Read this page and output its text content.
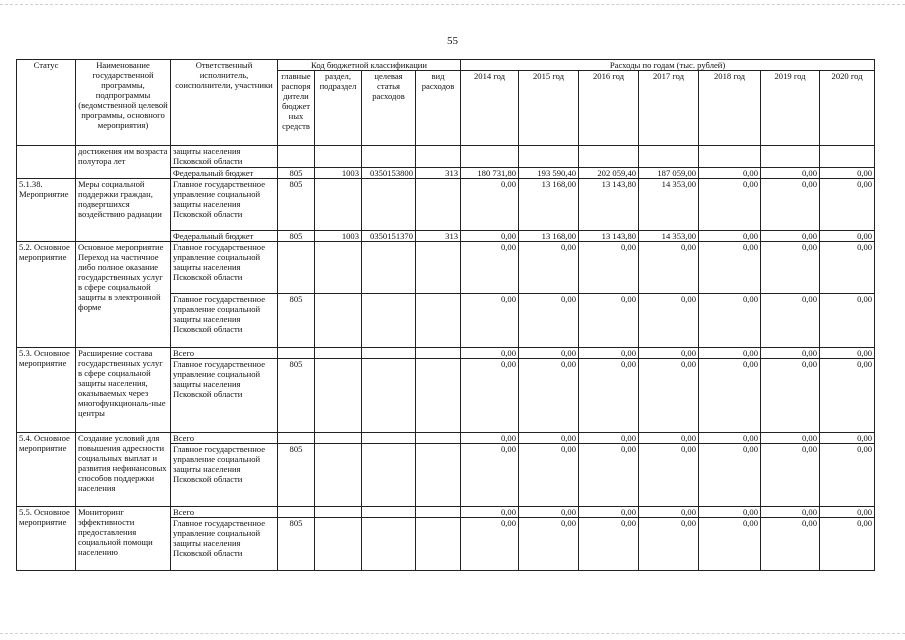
55
Статус	Наименование государственной программы, подпрограммы (ведомственной целевой программы, основного мероприятия)	Ответственный исполнитель, соисполнители, участники	Код бюджетной классификации				Расходы по годам (тыс. рублей)						
			главные распоря дители бюджет ных средств	раздел, подраздел	целевая статья расходов	вид расходов	2014 год	2015 год	2016 год	2017 год	2018 год	2019 год	2020 год
	достижения им возраста полутора лет	защиты населения Псковской области											
		Федеральный бюджет	805	1003	0350153800	313	180 731,80	193 590,40	202 059,40	187 059,00	0,00	0,00	0,00
5.1.38. Мероприятие	Меры социальной поддержки граждан, подвергшихся воздействию радиации	Главное государственное управление социальной защиты населения Псковской области	805				0,00	13 168,00	13 143,80	14 353,00	0,00	0,00	0,00
		Федеральный бюджет	805	1003	0350151370	313	0,00	13 168,00	13 143,80	14 353,00	0,00	0,00	0,00
5.2. Основное мероприятие	Основное мероприятие Переход на частичное либо полное оказание государственных услуг в сфере социальной защиты в электронной форме	Главное государственное управление социальной защиты населения Псковской области					0,00	0,00	0,00	0,00	0,00	0,00	0,00
		Главное государственное управление социальной защиты населения Псковской области	805				0,00	0,00	0,00	0,00	0,00	0,00	0,00
5.3. Основное мероприятие	Расширение состава государственных услуг в сфере социальной защиты населения, оказываемых через многофункциональ-ные центры	Всего					0,00	0,00	0,00	0,00	0,00	0,00	0,00
		Главное государственное управление социальной защиты населения Псковской области	805				0,00	0,00	0,00	0,00	0,00	0,00	0,00
5.4. Основное мероприятие	Создание условий для повышения адресности социальных выплат и развития нефинансовых способов поддержки населения	Всего					0,00	0,00	0,00	0,00	0,00	0,00	0,00
		Главное государственное управление социальной защиты населения Псковской области	805				0,00	0,00	0,00	0,00	0,00	0,00	0,00
5.5. Основное мероприятие	Мониторинг эффективности предоставления социальной помощи населению	Всего					0,00	0,00	0,00	0,00	0,00	0,00	0,00
		Главное государственное управление социальной защиты населения Псковской области	805				0,00	0,00	0,00	0,00	0,00	0,00	0,00
